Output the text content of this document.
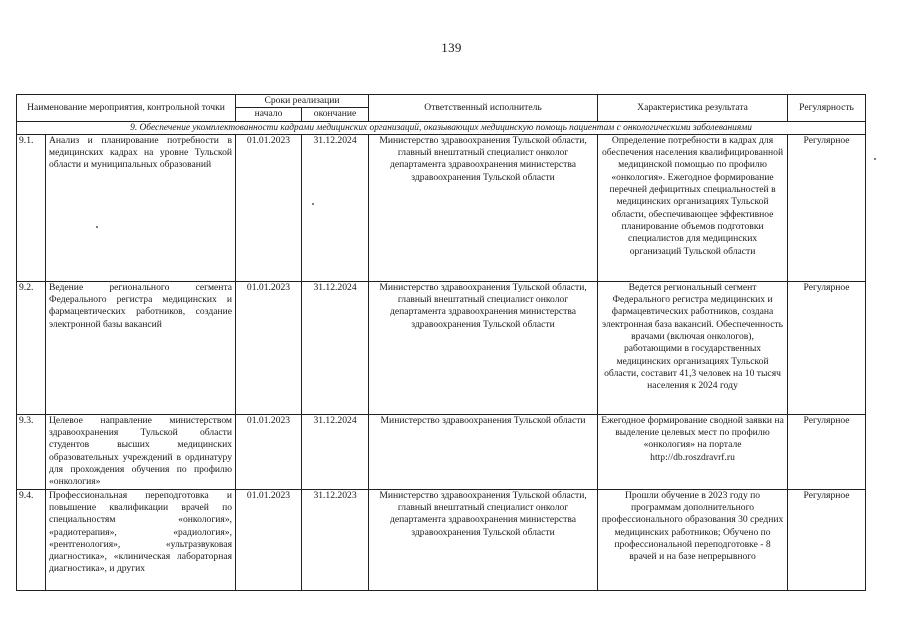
139
Наименование мероприятия, контрольной точки		Сроки реализации		Ответственный исполнитель	Характеристика результата	Регулярность
		начало	окончание			
9. Обеспечение укомплектованности кадрами медицинских организаций, оказывающих медицинскую помощь пациентам с онкологическими заболеваниями						
9.1.	Анализ и планирование потребности в медицинских кадрах на уровне Тульской области и муниципальных образований	01.01.2023	31.12.2024	Министерство здравоохранения Тульской области, главный внештатный специалист онколог департамента здравоохранения министерства здравоохранения Тульской области	Определение потребности в кадрах для обеспечения населения квалифицированной медицинской помощью по профилю «онкология». Ежегодное формирование перечней дефицитных специальностей в медицинских организациях Тульской области, обеспечивающее эффективное планирование объемов подготовки специалистов для медицинских организаций Тульской области	Регулярное
9.2.	Ведение регионального сегмента Федерального регистра медицинских и фармацевтических работников, создание электронной базы вакансий	01.01.2023	31.12.2024	Министерство здравоохранения Тульской области, главный внештатный специалист онколог департамента здравоохранения министерства здравоохранения Тульской области	Ведется региональный сегмент Федерального регистра медицинских и фармацевтических работников, создана электронная база вакансий. Обеспеченность врачами (включая онкологов), работающими в государственных медицинских организациях Тульской области, составит 41,3 человек на 10 тысяч населения к 2024 году	Регулярное
9.3.	Целевое направление министерством здравоохранения Тульской области студентов высших медицинских образовательных учреждений в ординатуру для прохождения обучения по профилю «онкология»	01.01.2023	31.12.2024	Министерство здравоохранения Тульской области	Ежегодное формирование сводной заявки на выделение целевых мест по профилю «онкология» на портале http://db.roszdravrf.ru	Регулярное
9.4.	Профессиональная переподготовка и повышение квалификации врачей по специальностям «онкология», «радиотерапия», «радиология», «рентгенология», «ультразвуковая диагностика», «клиническая лабораторная диагностика», и других	01.01.2023	31.12.2023	Министерство здравоохранения Тульской области, главный внештатный специалист онколог департамента здравоохранения министерства здравоохранения Тульской области	Прошли обучение в 2023 году по программам дополнительного профессионального образования 30 средних медицинских работников; Обучено по профессиональной переподготовке - 8 врачей и на базе непрерывного	Регулярное
